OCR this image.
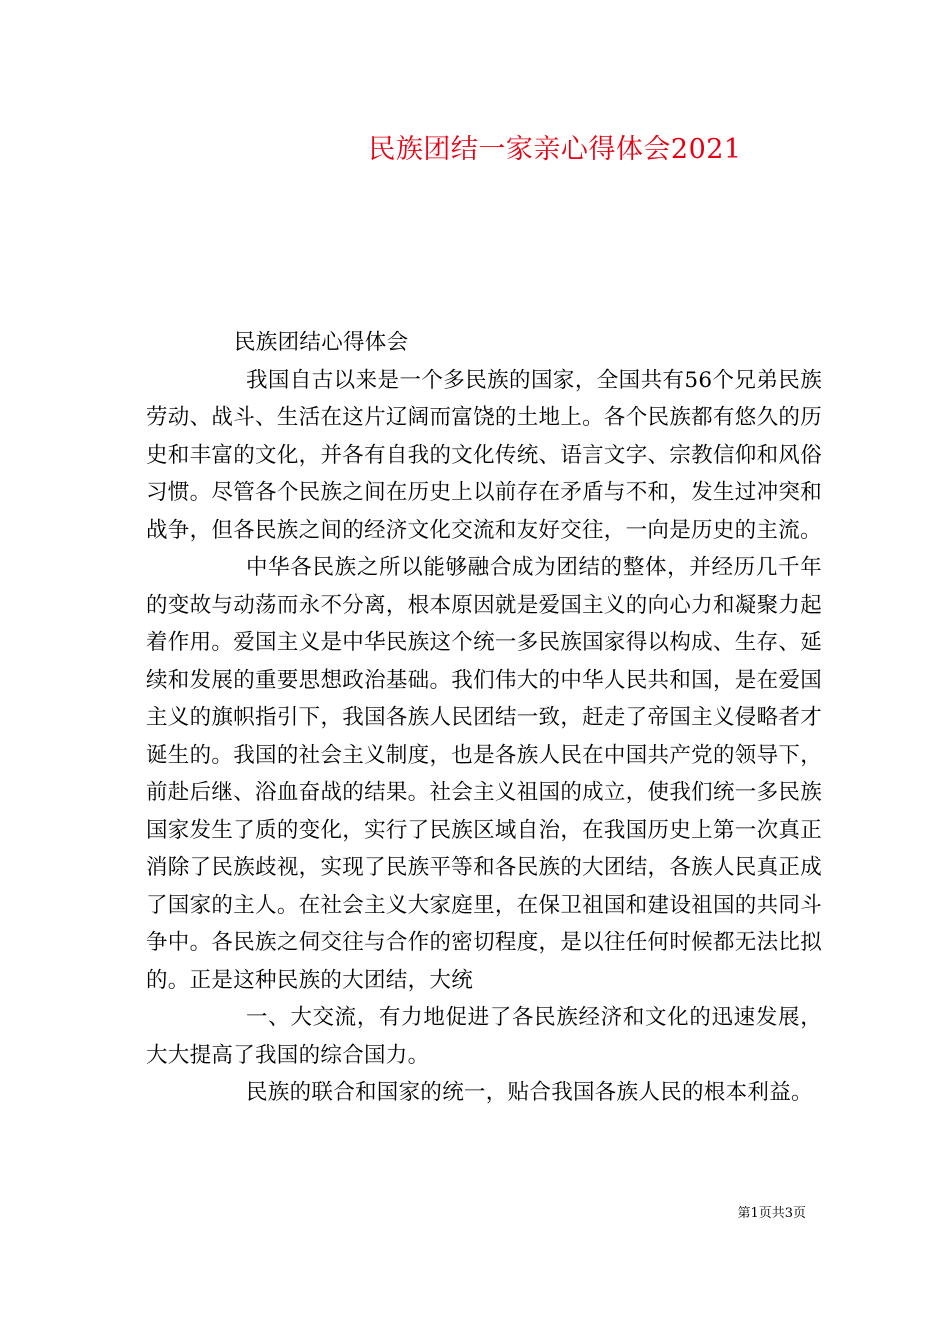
民族团结一家亲心得体会2021

民族团结心得体会

我国自古以来是一个多民族的国家，全国共有56个兄弟民族劳动、战斗、生活在这片辽阔而富饶的土地上。各个民族都有悠久的历史和丰富的文化，并各有自我的文化传统、语言文字、宗教信仰和风俗习惯。尽管各个民族之间在历史上以前存在矛盾与不和，发生过冲突和战争，但各民族之间的经济文化交流和友好交往，一向是历史的主流。

中华各民族之所以能够融合成为团结的整体，并经历几千年的变故与动荡而永不分离，根本原因就是爱国主义的向心力和凝聚力起着作用。爱国主义是中华民族这个统一多民族国家得以构成、生存、延续和发展的重要思想政治基础。我们伟大的中华人民共和国，是在爱国主义的旗帜指引下，我国各族人民团结一致，赶走了帝国主义侵略者才诞生的。我国的社会主义制度，也是各族人民在中国共产党的领导下，前赴后继、浴血奋战的结果。社会主义祖国的成立，使我们统一多民族国家发生了质的变化，实行了民族区域自治，在我国历史上第一次真正消除了民族歧视，实现了民族平等和各民族的大团结，各族人民真正成了国家的主人。在社会主义大家庭里，在保卫祖国和建设祖国的共同斗争中。各民族之伺交往与合作的密切程度，是以往任何时候都无法比拟的。正是这种民族的大团结，大统

一、大交流，有力地促进了各民族经济和文化的迅速发展，大大提高了我国的综合国力。

民族的联合和国家的统一，贴合我国各族人民的根本利益。

第1页共3页
